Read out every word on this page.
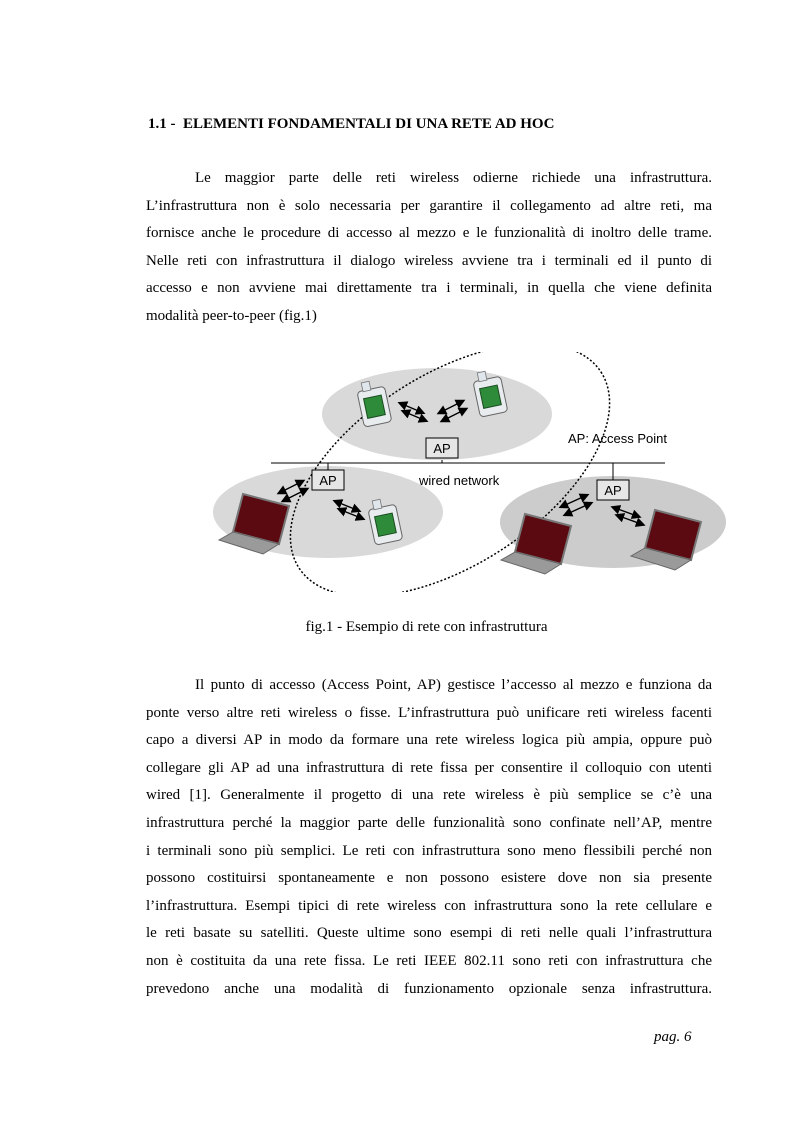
1.1 -  ELEMENTI FONDAMENTALI DI UNA RETE AD HOC
Le maggior parte delle reti wireless odierne richiede una infrastruttura.
L’infrastruttura non è solo necessaria per garantire il collegamento ad altre reti, ma
fornisce anche le procedure di accesso al mezzo e le funzionalità di inoltro delle trame.
Nelle reti con infrastruttura il dialogo wireless avviene tra i terminali ed il punto di
accesso e non avviene mai direttamente tra i terminali, in quella che viene definita
modalità peer-to-peer (fig.1)
AP
AP
AP
AP: Access Point
wired network
fig.1 - Esempio di rete con infrastruttura
Il punto di accesso (Access Point, AP) gestisce l’accesso al mezzo e funziona da
ponte verso altre reti wireless o fisse. L’infrastruttura può unificare reti wireless facenti
capo a diversi AP in modo da formare una rete wireless logica più ampia, oppure può
collegare gli AP ad una infrastruttura di rete fissa per consentire il colloquio con utenti
wired [1]. Generalmente il progetto di una rete wireless è più semplice se c’è una
infrastruttura perché la maggior parte delle funzionalità sono confinate nell’AP, mentre
i terminali sono più semplici. Le reti con infrastruttura sono meno flessibili perché non
possono costituirsi spontaneamente e non possono esistere dove non sia presente
l’infrastruttura. Esempi tipici di rete wireless con infrastruttura sono la rete cellulare e
le reti basate su satelliti. Queste ultime sono esempi di reti nelle quali l’infrastruttura
non è costituita da una rete fissa. Le reti IEEE 802.11 sono reti con infrastruttura che
prevedono anche una modalità di funzionamento opzionale senza infrastruttura.
pag. 6
